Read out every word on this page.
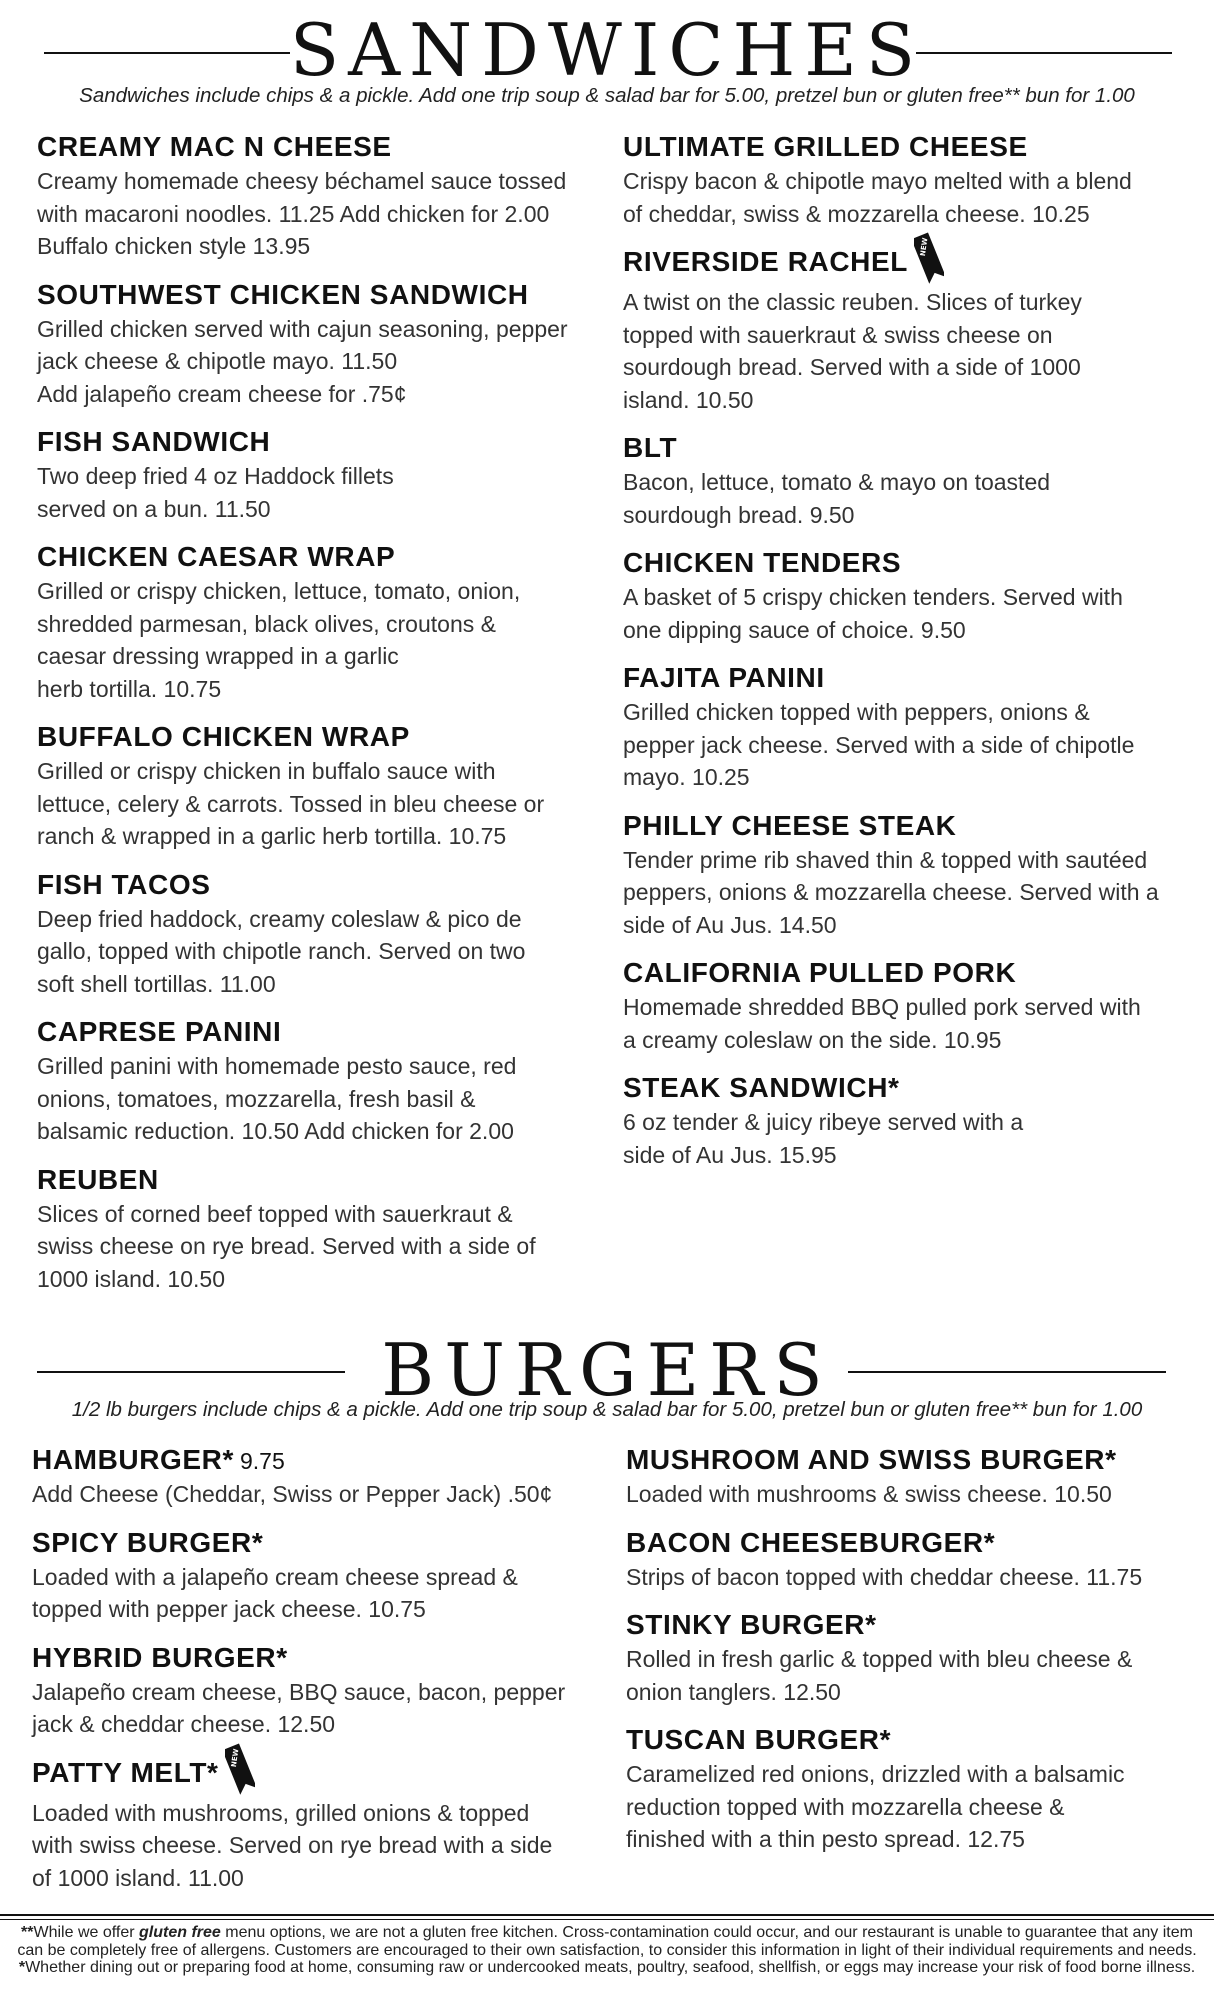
SANDWICHES
Sandwiches include chips & a pickle. Add one trip soup & salad bar for 5.00, pretzel bun or gluten free** bun for 1.00
CREAMY MAC N CHEESE
Creamy homemade cheesy béchamel sauce tossed
with macaroni noodles. 11.25 Add chicken for 2.00
Buffalo chicken style 13.95
SOUTHWEST CHICKEN SANDWICH
Grilled chicken served with cajun seasoning, pepper
jack cheese & chipotle mayo. 11.50
Add jalapeño cream cheese for .75¢
FISH SANDWICH
Two deep fried 4 oz Haddock fillets
served on a bun. 11.50
CHICKEN CAESAR WRAP
Grilled or crispy chicken, lettuce, tomato, onion,
shredded parmesan, black olives, croutons &
caesar dressing wrapped in a garlic
herb tortilla. 10.75
BUFFALO CHICKEN WRAP
Grilled or crispy chicken in buffalo sauce with
lettuce, celery & carrots. Tossed in bleu cheese or
ranch & wrapped in a garlic herb tortilla. 10.75
FISH TACOS
Deep fried haddock, creamy coleslaw & pico de
gallo, topped with chipotle ranch. Served on two
soft shell tortillas. 11.00
CAPRESE PANINI
Grilled panini with homemade pesto sauce, red
onions, tomatoes, mozzarella, fresh basil &
balsamic reduction. 10.50 Add chicken for 2.00
REUBEN
Slices of corned beef topped with sauerkraut &
swiss cheese on rye bread. Served with a side of
1000 island. 10.50
ULTIMATE GRILLED CHEESE
Crispy bacon & chipotle mayo melted with a blend
of cheddar, swiss & mozzarella cheese. 10.25
RIVERSIDE RACHEL NEW
A twist on the classic reuben. Slices of turkey
topped with sauerkraut & swiss cheese on
sourdough bread. Served with a side of 1000
island. 10.50
BLT
Bacon, lettuce, tomato & mayo on toasted
sourdough bread. 9.50
CHICKEN TENDERS
A basket of 5 crispy chicken tenders. Served with
one dipping sauce of choice. 9.50
FAJITA PANINI
Grilled chicken topped with peppers, onions &
pepper jack cheese. Served with a side of chipotle
mayo. 10.25
PHILLY CHEESE STEAK
Tender prime rib shaved thin & topped with sautéed
peppers, onions & mozzarella cheese. Served with a
side of Au Jus. 14.50
CALIFORNIA PULLED PORK
Homemade shredded BBQ pulled pork served with
a creamy coleslaw on the side. 10.95
STEAK SANDWICH*
6 oz tender & juicy ribeye served with a
side of Au Jus. 15.95
BURGERS
1/2 lb burgers include chips & a pickle. Add one trip soup & salad bar for 5.00, pretzel bun or gluten free** bun for 1.00
HAMBURGER* 9.75
Add Cheese (Cheddar, Swiss or Pepper Jack) .50¢
SPICY BURGER*
Loaded with a jalapeño cream cheese spread &
topped with pepper jack cheese. 10.75
HYBRID BURGER*
Jalapeño cream cheese, BBQ sauce, bacon, pepper
jack & cheddar cheese. 12.50
PATTY MELT* NEW
Loaded with mushrooms, grilled onions & topped
with swiss cheese. Served on rye bread with a side
of 1000 island. 11.00
MUSHROOM AND SWISS BURGER*
Loaded with mushrooms & swiss cheese. 10.50
BACON CHEESEBURGER*
Strips of bacon topped with cheddar cheese. 11.75
STINKY BURGER*
Rolled in fresh garlic & topped with bleu cheese &
onion tanglers. 12.50
TUSCAN BURGER*
Caramelized red onions, drizzled with a balsamic
reduction topped with mozzarella cheese &
finished with a thin pesto spread. 12.75
**While we offer gluten free menu options, we are not a gluten free kitchen. Cross-contamination could occur, and our restaurant is unable to guarantee that any item can be completely free of allergens. Customers are encouraged to their own satisfaction, to consider this information in light of their individual requirements and needs. *Whether dining out or preparing food at home, consuming raw or undercooked meats, poultry, seafood, shellfish, or eggs may increase your risk of food borne illness.
